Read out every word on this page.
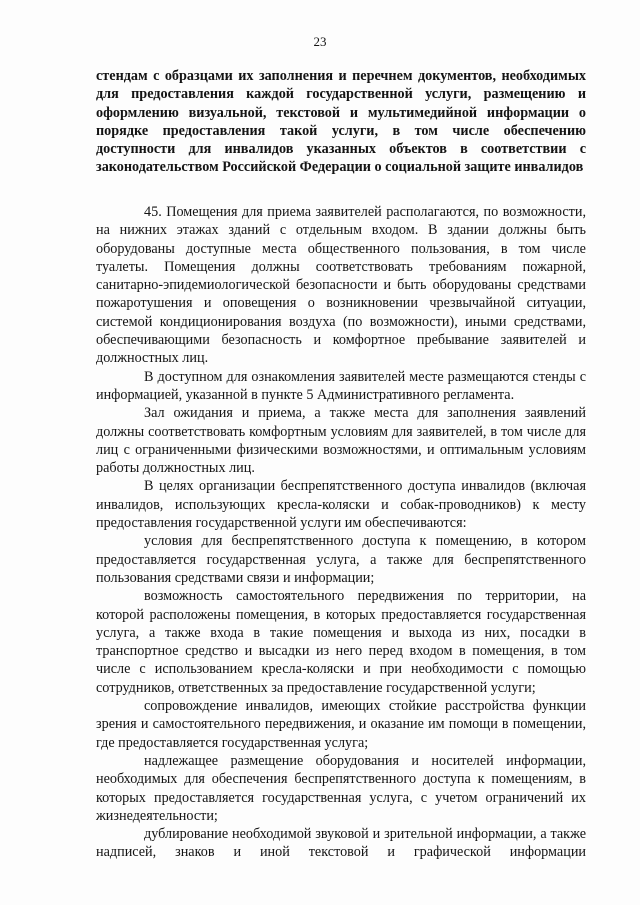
23
стендам с образцами их заполнения и перечнем документов, необходимых для предоставления каждой государственной услуги, размещению и оформлению визуальной, текстовой и мультимедийной информации о порядке предоставления такой услуги, в том числе обеспечению доступности для инвалидов указанных объектов в соответствии с законодательством Российской Федерации о социальной защите инвалидов

45. Помещения для приема заявителей располагаются, по возможности, на нижних этажах зданий с отдельным входом. В здании должны быть оборудованы доступные места общественного пользования, в том числе туалеты. Помещения должны соответствовать требованиям пожарной, санитарно-эпидемиологической безопасности и быть оборудованы средствами пожаротушения и оповещения о возникновении чрезвычайной ситуации, системой кондиционирования воздуха (по возможности), иными средствами, обеспечивающими безопасность и комфортное пребывание заявителей и должностных лиц.

В доступном для ознакомления заявителей месте размещаются стенды с информацией, указанной в пункте 5 Административного регламента.

Зал ожидания и приема, а также места для заполнения заявлений должны соответствовать комфортным условиям для заявителей, в том числе для лиц с ограниченными физическими возможностями, и оптимальным условиям работы должностных лиц.

В целях организации беспрепятственного доступа инвалидов (включая инвалидов, использующих кресла-коляски и собак-проводников) к месту предоставления государственной услуги им обеспечиваются:

условия для беспрепятственного доступа к помещению, в котором предоставляется государственная услуга, а также для беспрепятственного пользования средствами связи и информации;

возможность самостоятельного передвижения по территории, на которой расположены помещения, в которых предоставляется государственная услуга, а также входа в такие помещения и выхода из них, посадки в транспортное средство и высадки из него перед входом в помещения, в том числе с использованием кресла-коляски и при необходимости с помощью сотрудников, ответственных за предоставление государственной услуги;

сопровождение инвалидов, имеющих стойкие расстройства функции зрения и самостоятельного передвижения, и оказание им помощи в помещении, где предоставляется государственная услуга;

надлежащее размещение оборудования и носителей информации, необходимых для обеспечения беспрепятственного доступа к помещениям, в которых предоставляется государственная услуга, с учетом ограничений их жизнедеятельности;

дублирование необходимой звуковой и зрительной информации, а также надписей, знаков и иной текстовой и графической информации
